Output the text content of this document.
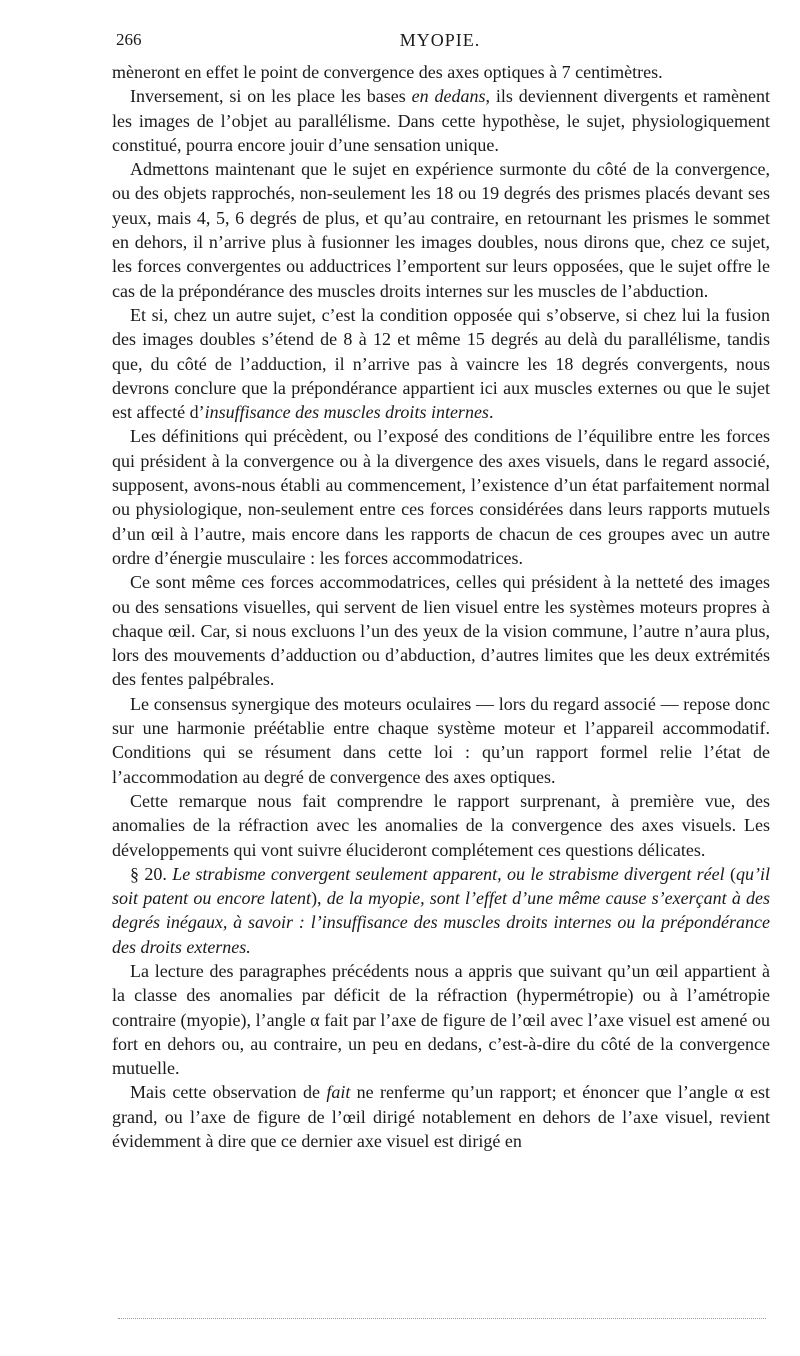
266	MYOPIE.

mèneront en effet le point de convergence des axes optiques à 7 centimètres.

Inversement, si on les place les bases en dedans, ils deviennent divergents et ramènent les images de l’objet au parallélisme. Dans cette hypothèse, le sujet, physiologiquement constitué, pourra encore jouir d’une sensation unique.

Admettons maintenant que le sujet en expérience surmonte du côté de la convergence, ou des objets rapprochés, non-seulement les 18 ou 19 degrés des prismes placés devant ses yeux, mais 4, 5, 6 degrés de plus, et qu’au contraire, en retournant les prismes le sommet en dehors, il n’arrive plus à fusionner les images doubles, nous dirons que, chez ce sujet, les forces convergentes ou adductrices l’emportent sur leurs opposées, que le sujet offre le cas de la prépondérance des muscles droits internes sur les muscles de l’abduction.

Et si, chez un autre sujet, c’est la condition opposée qui s’observe, si chez lui la fusion des images doubles s’étend de 8 à 12 et même 15 degrés au delà du parallélisme, tandis que, du côté de l’adduction, il n’arrive pas à vaincre les 18 degrés convergents, nous devrons conclure que la prépondérance appartient ici aux muscles externes ou que le sujet est affecté d’insuffisance des muscles droits internes.

Les définitions qui précèdent, ou l’exposé des conditions de l’équilibre entre les forces qui président à la convergence ou à la divergence des axes visuels, dans le regard associé, supposent, avons-nous établi au commencement, l’existence d’un état parfaitement normal ou physiologique, non-seulement entre ces forces considérées dans leurs rapports mutuels d’un œil à l’autre, mais encore dans les rapports de chacun de ces groupes avec un autre ordre d’énergie musculaire : les forces accommodatrices.

Ce sont même ces forces accommodatrices, celles qui président à la netteté des images ou des sensations visuelles, qui servent de lien visuel entre les systèmes moteurs propres à chaque œil. Car, si nous excluons l’un des yeux de la vision commune, l’autre n’aura plus, lors des mouvements d’adduction ou d’abduction, d’autres limites que les deux extrémités des fentes palpébrales.

Le consensus synergique des moteurs oculaires — lors du regard associé — repose donc sur une harmonie préétablie entre chaque système moteur et l’appareil accommodatif. Conditions qui se résument dans cette loi : qu’un rapport formel relie l’état de l’accommodation au degré de convergence des axes optiques.

Cette remarque nous fait comprendre le rapport surprenant, à première vue, des anomalies de la réfraction avec les anomalies de la convergence des axes visuels. Les développements qui vont suivre élucideront complétement ces questions délicates.

§ 20. Le strabisme convergent seulement apparent, ou le strabisme divergent réel (qu’il soit patent ou encore latent), de la myopie, sont l’effet d’une même cause s’exerçant à des degrés inégaux, à savoir : l’insuffisance des muscles droits internes ou la prépondérance des droits externes.

La lecture des paragraphes précédents nous a appris que suivant qu’un œil appartient à la classe des anomalies par déficit de la réfraction (hypermétropie) ou à l’amétropie contraire (myopie), l’angle α fait par l’axe de figure de l’œil avec l’axe visuel est amené ou fort en dehors ou, au contraire, un peu en dedans, c’est-à-dire du côté de la convergence mutuelle.

Mais cette observation de fait ne renferme qu’un rapport; et énoncer que l’angle α est grand, ou l’axe de figure de l’œil dirigé notablement en dehors de l’axe visuel, revient évidemment à dire que ce dernier axe visuel est dirigé en
